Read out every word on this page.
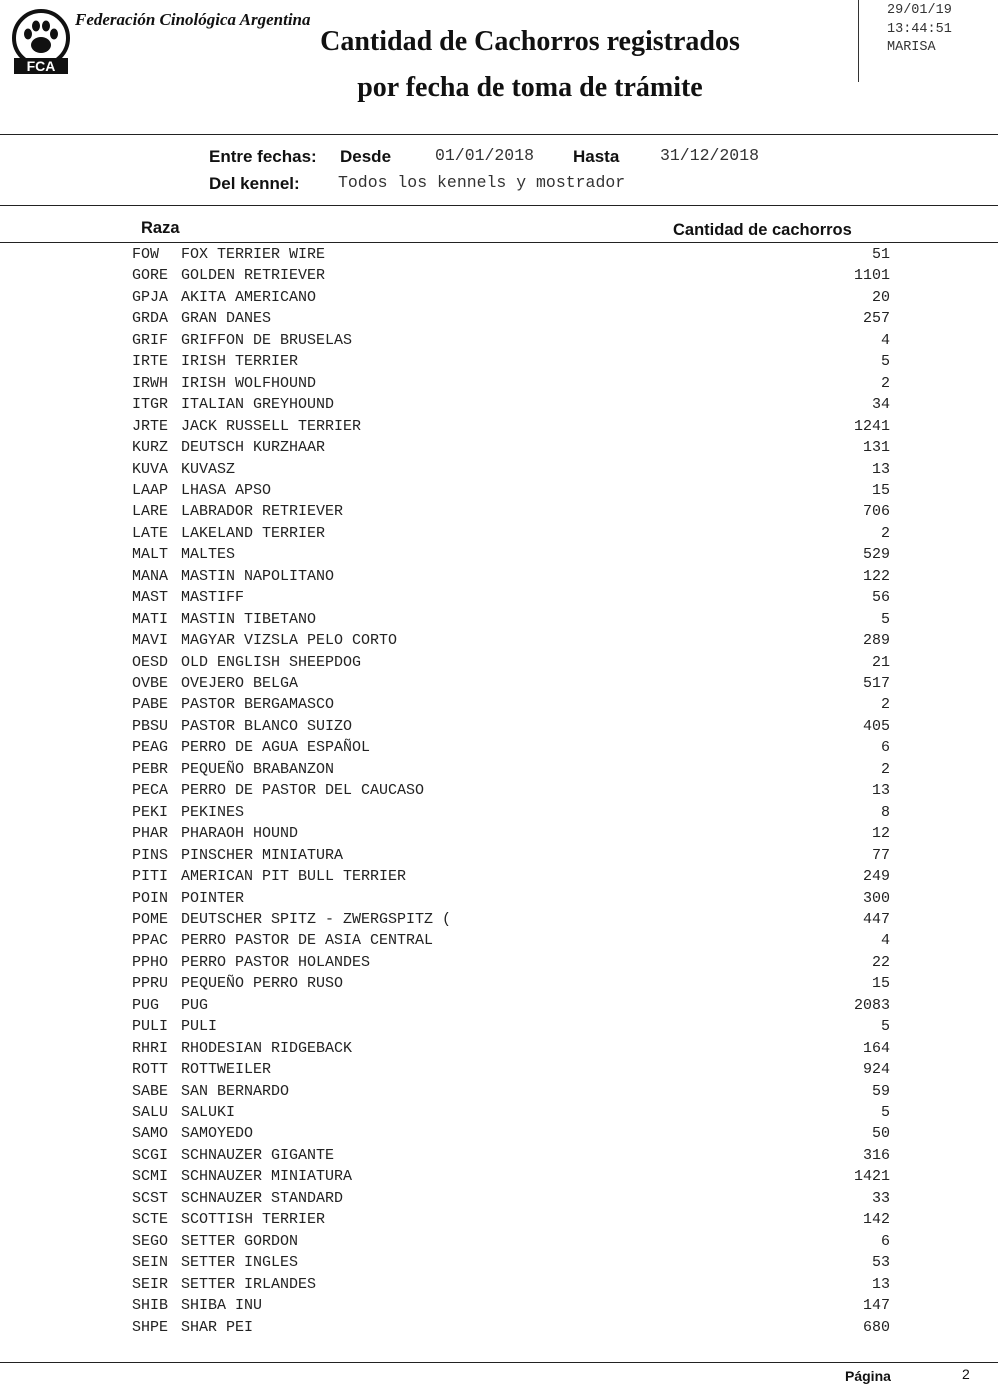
FCA
Federación Cinológica Argentina
Cantidad de Cachorros registrados
por fecha de toma de trámite
29/01/19
13:44:51
MARISA
Entre fechas: Desde	01/01/2018 Hasta 31/12/2018
Del kennel: Todos los kennels y mostrador
Raza	Cantidad de cachorros
FOW FOX TERRIER WIRE	51
GORE GOLDEN RETRIEVER	1101
GPJA AKITA AMERICANO	20
GRDA GRAN DANES	257
GRIF GRIFFON DE BRUSELAS	4
IRTE IRISH TERRIER	5
IRWH IRISH WOLFHOUND	2
ITGR ITALIAN GREYHOUND	34
JRTE JACK RUSSELL TERRIER	1241
KURZ DEUTSCH KURZHAAR	131
KUVA KUVASZ	13
LAAP LHASA APSO	15
LARE LABRADOR RETRIEVER	706
LATE LAKELAND TERRIER	2
MALT MALTES	529
MANA MASTIN NAPOLITANO	122
MAST MASTIFF	56
MATI MASTIN TIBETANO	5
MAVI MAGYAR VIZSLA PELO CORTO	289
OESD OLD ENGLISH SHEEPDOG	21
OVBE OVEJERO BELGA	517
PABE PASTOR BERGAMASCO	2
PBSU PASTOR BLANCO SUIZO	405
PEAG PERRO DE AGUA ESPAÑOL	6
PEBR PEQUEÑO BRABANZON	2
PECA PERRO DE PASTOR DEL CAUCASO	13
PEKI PEKINES	8
PHAR PHARAOH HOUND	12
PINS PINSCHER MINIATURA	77
PITI AMERICAN PIT BULL TERRIER	249
POIN POINTER	300
POME DEUTSCHER SPITZ - ZWERGSPITZ (	447
PPAC PERRO PASTOR DE ASIA CENTRAL	4
PPHO PERRO PASTOR HOLANDES	22
PPRU PEQUEÑO PERRO RUSO	15
PUG PUG	2083
PULI PULI	5
RHRI RHODESIAN RIDGEBACK	164
ROTT ROTTWEILER	924
SABE SAN BERNARDO	59
SALU SALUKI	5
SAMO SAMOYEDO	50
SCGI SCHNAUZER GIGANTE	316
SCMI SCHNAUZER MINIATURA	1421
SCST SCHNAUZER STANDARD	33
SCTE SCOTTISH TERRIER	142
SEGO SETTER GORDON	6
SEIN SETTER INGLES	53
SEIR SETTER IRLANDES	13
SHIB SHIBA INU	147
SHPE SHAR PEI	680
Página	2
